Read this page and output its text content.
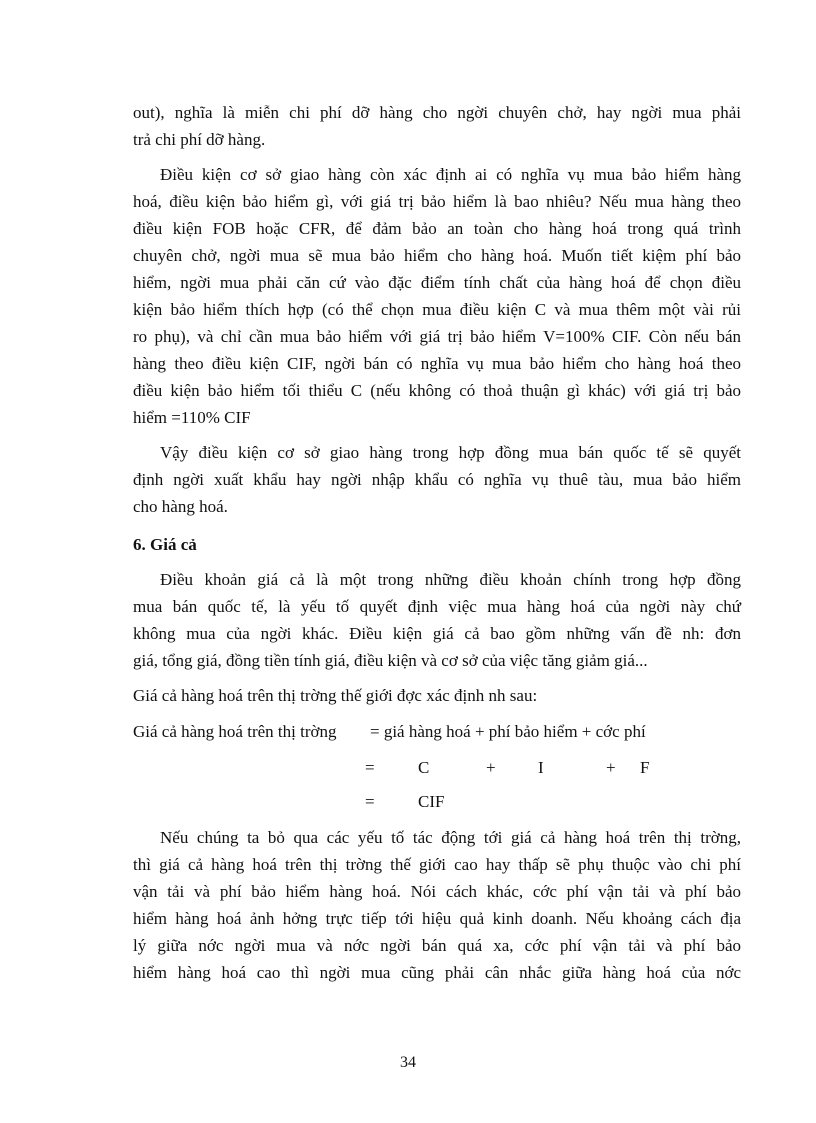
out), nghĩa là miễn chi phí dỡ hàng cho ngời chuyên chở, hay ngời mua phải
trả chi phí dỡ hàng.
Điều kiện cơ sở giao hàng còn xác định ai có nghĩa vụ mua bảo hiểm hàng
hoá, điều kiện bảo hiểm gì, với giá trị bảo hiểm là bao nhiêu? Nếu mua hàng theo
điều kiện FOB hoặc CFR, để đảm bảo an toàn cho hàng hoá trong quá trình
chuyên chở, ngời mua sẽ mua bảo hiểm cho hàng hoá. Muốn tiết kiệm phí bảo
hiểm, ngời mua phải căn cứ vào đặc điểm tính chất của hàng hoá để chọn điều
kiện bảo hiểm thích hợp (có thể chọn mua điều kiện C và mua thêm một vài rủi
ro phụ), và chỉ cần mua bảo hiểm với giá trị bảo hiểm V=100% CIF. Còn nếu bán
hàng theo điều kiện CIF, ngời bán có nghĩa vụ mua bảo hiểm cho hàng hoá theo
điều kiện bảo hiểm tối thiểu C (nếu không có thoả thuận gì khác) với giá trị bảo
hiểm =110% CIF
Vậy điều kiện cơ sở giao hàng trong hợp đồng mua bán quốc tế sẽ quyết
định ngời xuất khẩu hay ngời nhập khẩu có nghĩa vụ thuê tàu, mua bảo hiểm
cho hàng hoá.
6. Giá cả
Điều khoản giá cả là một trong những điều khoản chính trong hợp đồng
mua bán quốc tế, là yếu tố quyết định việc mua hàng hoá của ngời này chứ
không mua của ngời khác. Điều kiện giá cả bao gồm những vấn đề nh: đơn
giá, tổng giá, đồng tiền tính giá, điều kiện và cơ sở của việc tăng giảm giá...
Giá cả hàng hoá trên thị trờng thế giới đợc xác định nh sau:
Giá cả hàng hoá trên thị trờng = giá hàng hoá + phí bảo hiểm + cớc phí
=	C	+ I	+ F
=	CIF
Nếu chúng ta bỏ qua các yếu tố tác động tới giá cả hàng hoá trên thị trờng,
thì giá cả hàng hoá trên thị trờng thế giới cao hay thấp sẽ phụ thuộc vào chi phí
vận tải và phí bảo hiểm hàng hoá. Nói cách khác, cớc phí vận tải và phí bảo
hiểm hàng hoá ảnh hởng trực tiếp tới hiệu quả kinh doanh. Nếu khoảng cách địa
lý giữa nớc ngời mua và nớc ngời bán quá xa, cớc phí vận tải và phí bảo
hiểm hàng hoá cao thì ngời mua cũng phải cân nhắc giữa hàng hoá của nớc
34
